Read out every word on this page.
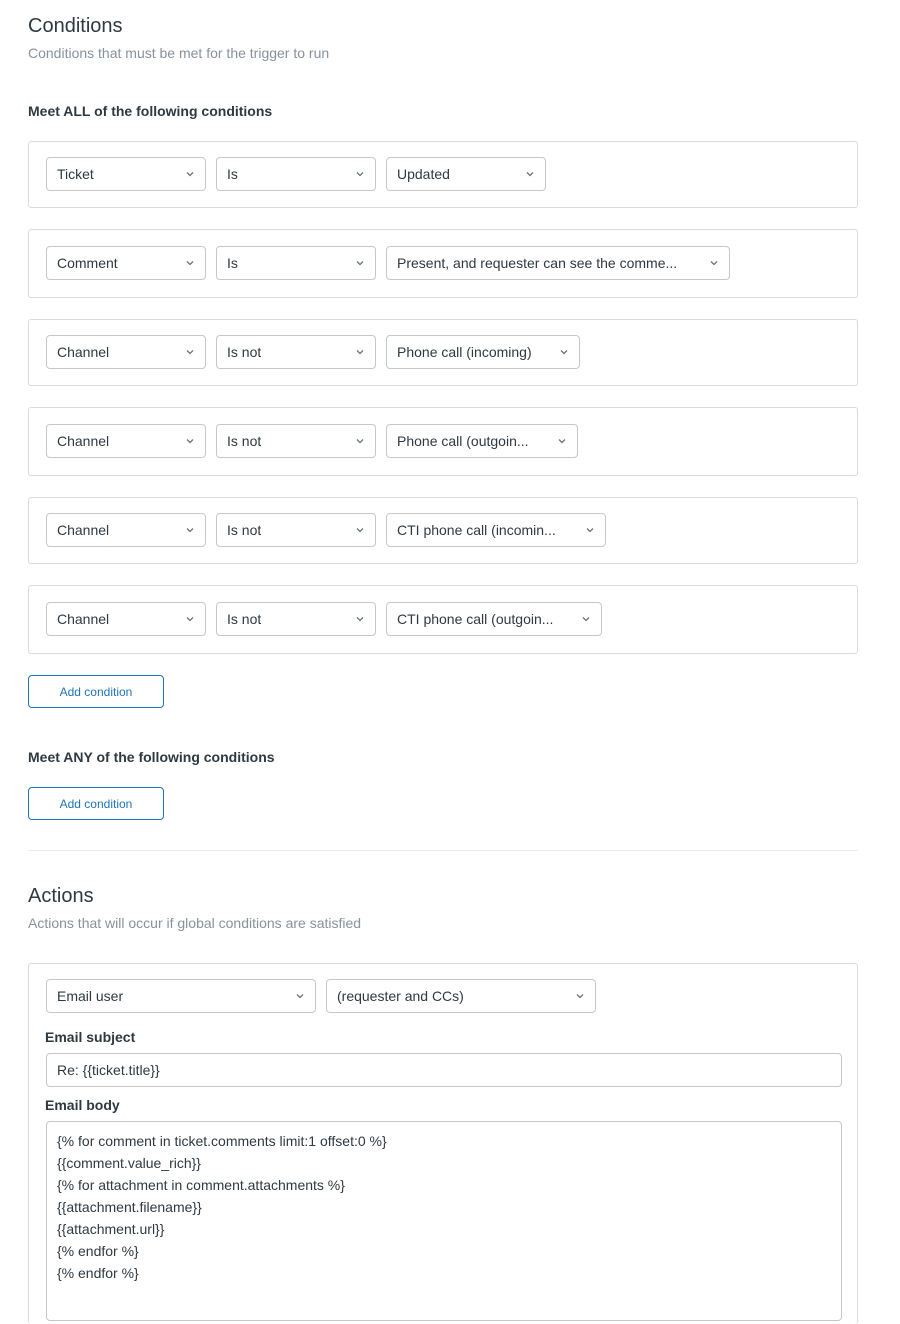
Conditions
Conditions that must be met for the trigger to run
Meet ALL of the following conditions
Ticket	Is	Updated
Comment	Is	Present, and requester can see the comme...
Channel	Is not	Phone call (incoming)
Channel	Is not	Phone call (outgoin...
Channel	Is not	CTI phone call (incomin...
Channel	Is not	CTI phone call (outgoin...
Add condition
Meet ANY of the following conditions
Add condition
Actions
Actions that will occur if global conditions are satisfied
Email user	(requester and CCs)
Email subject
Re: {{ticket.title}}
Email body
{% for comment in ticket.comments limit:1 offset:0 %}
{{comment.value_rich}}
{% for attachment in comment.attachments %}
{{attachment.filename}}
{{attachment.url}}
{% endfor %}
{% endfor %}
